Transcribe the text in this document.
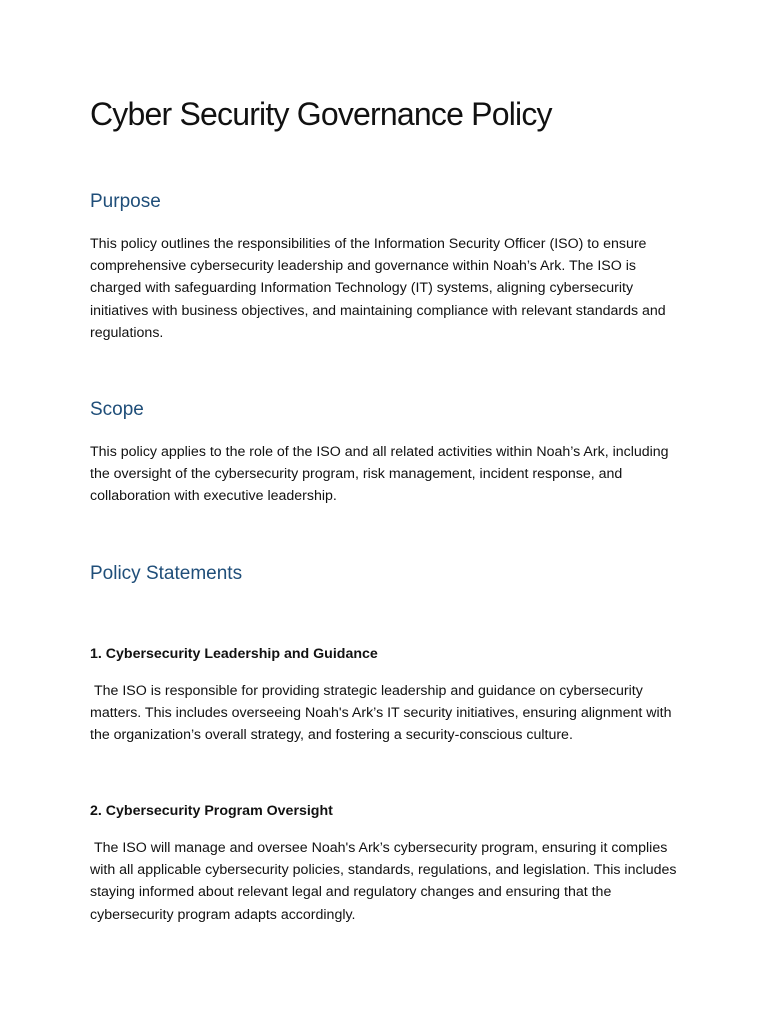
Cyber Security Governance Policy
Purpose

This policy outlines the responsibilities of the Information Security Officer (ISO) to ensure comprehensive cybersecurity leadership and governance within Noah’s Ark. The ISO is charged with safeguarding Information Technology (IT) systems, aligning cybersecurity initiatives with business objectives, and maintaining compliance with relevant standards and regulations.

Scope

This policy applies to the role of the ISO and all related activities within Noah’s Ark, including the oversight of the cybersecurity program, risk management, incident response, and collaboration with executive leadership.

Policy Statements
1. Cybersecurity Leadership and Guidance

The ISO is responsible for providing strategic leadership and guidance on cybersecurity matters. This includes overseeing Noah's Ark’s IT security initiatives, ensuring alignment with the organization’s overall strategy, and fostering a security-conscious culture.

2. Cybersecurity Program Oversight

The ISO will manage and oversee Noah's Ark’s cybersecurity program, ensuring it complies with all applicable cybersecurity policies, standards, regulations, and legislation. This includes staying informed about relevant legal and regulatory changes and ensuring that the cybersecurity program adapts accordingly.
